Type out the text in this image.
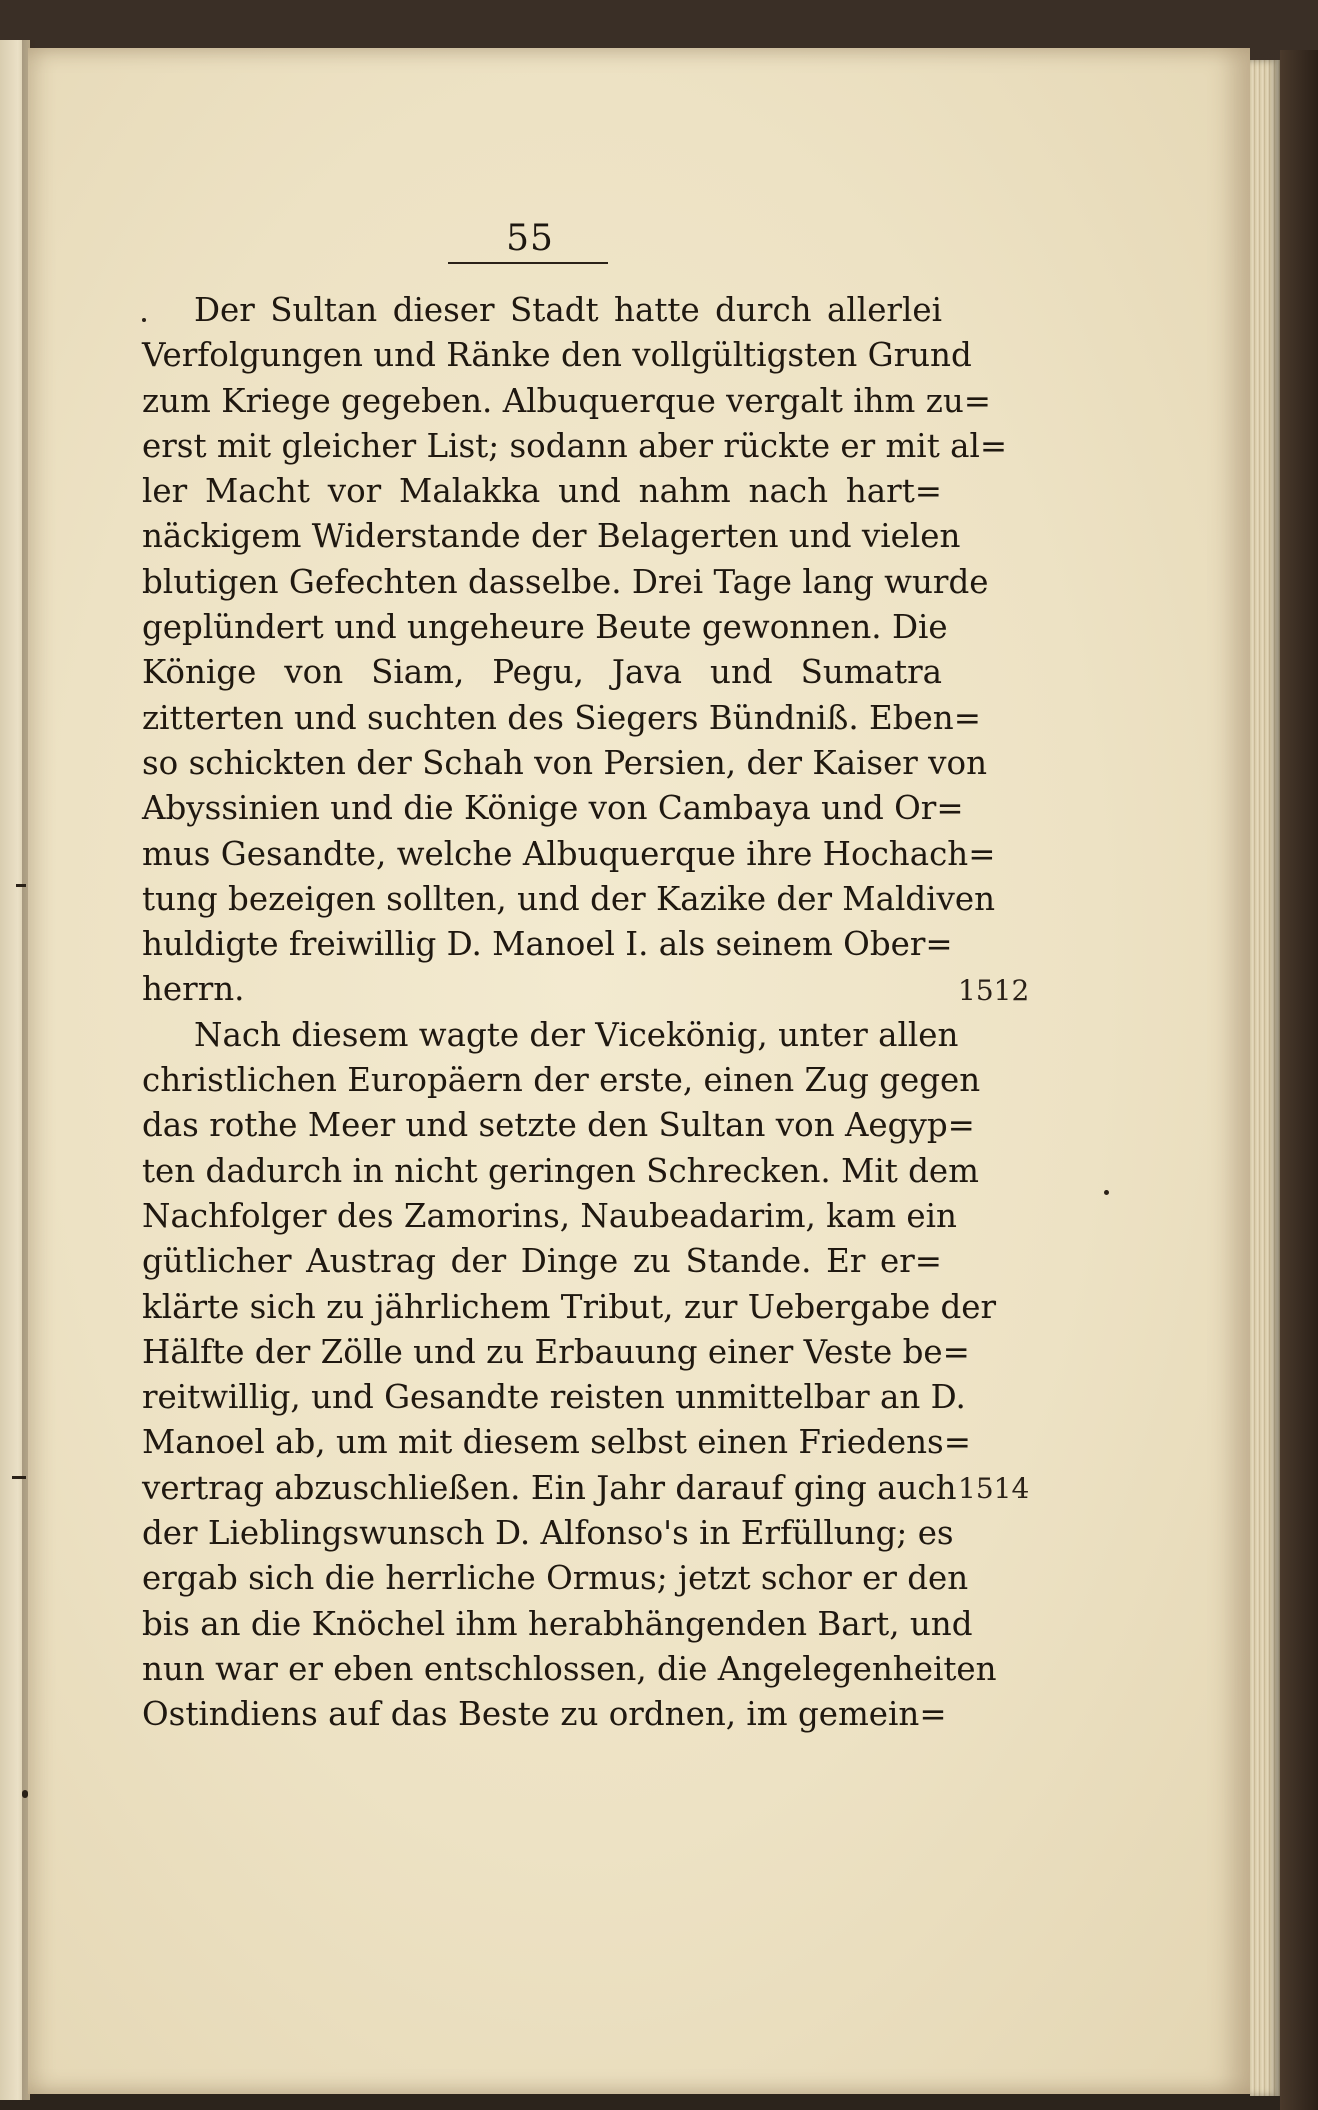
55
Der Sultan dieser Stadt hatte durch allerlei
Verfolgungen und Ränke den vollgültigsten Grund
zum Kriege gegeben. Albuquerque vergalt ihm zu=
erst mit gleicher List; sodann aber rückte er mit al=
ler Macht vor Malakka und nahm nach hart=
näckigem Widerstande der Belagerten und vielen
blutigen Gefechten dasselbe. Drei Tage lang wurde
geplündert und ungeheure Beute gewonnen. Die
Könige von Siam, Pegu, Java und Sumatra
zitterten und suchten des Siegers Bündniß. Eben=
so schickten der Schah von Persien, der Kaiser von
Abyssinien und die Könige von Cambaya und Or=
mus Gesandte, welche Albuquerque ihre Hochach=
tung bezeigen sollten, und der Kazike der Maldiven
huldigte freiwillig D. Manoel I. als seinem Ober=
herrn.
Nach diesem wagte der Vicekönig, unter allen
christlichen Europäern der erste, einen Zug gegen
das rothe Meer und setzte den Sultan von Aegyp=
ten dadurch in nicht geringen Schrecken. Mit dem
Nachfolger des Zamorins, Naubeadarim, kam ein
gütlicher Austrag der Dinge zu Stande. Er er=
klärte sich zu jährlichem Tribut, zur Uebergabe der
Hälfte der Zölle und zu Erbauung einer Veste be=
reitwillig, und Gesandte reisten unmittelbar an D.
Manoel ab, um mit diesem selbst einen Friedens=
vertrag abzuschließen. Ein Jahr darauf ging auch
der Lieblingswunsch D. Alfonso's in Erfüllung; es
ergab sich die herrliche Ormus; jetzt schor er den
bis an die Knöchel ihm herabhängenden Bart, und
nun war er eben entschlossen, die Angelegenheiten
Ostindiens auf das Beste zu ordnen, im gemein=
1512
1514
